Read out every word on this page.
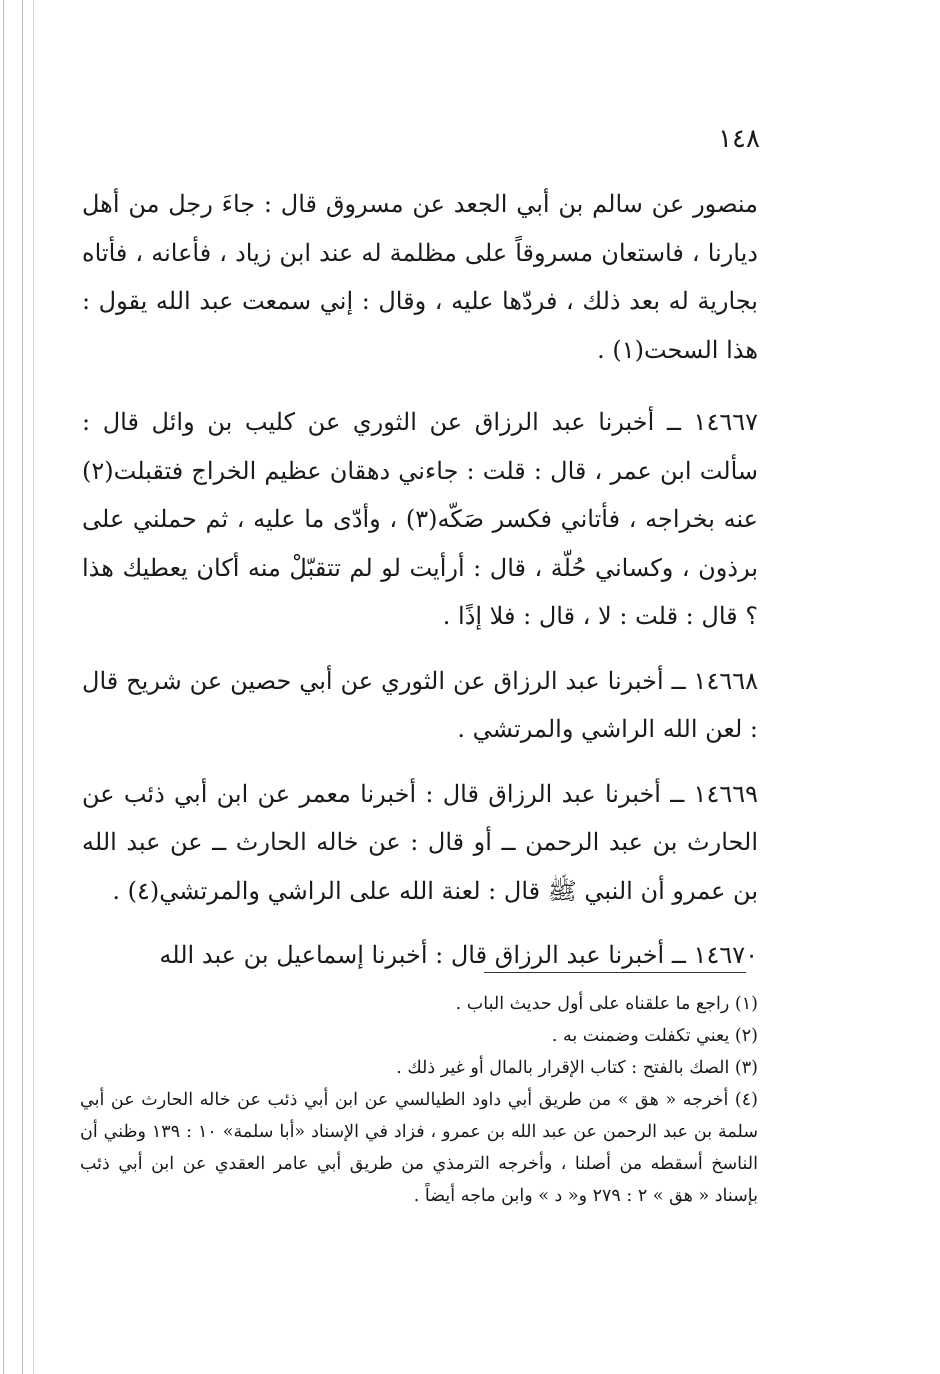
١٤٨

منصور عن سالم بن أبي الجعد عن مسروق قال : جاءَ رجل من أهل ديارنا ، فاستعان مسروقاً على مظلمة له عند ابن زياد ، فأعانه ، فأتاه بجارية له بعد ذلك ، فردّها عليه ، وقال : إني سمعت عبد الله يقول : هذا السحت(١) .

١٤٦٦٧ ــ أخبرنا عبد الرزاق عن الثوري عن كليب بن وائل قال : سألت ابن عمر ، قال : قلت : جاءني دهقان عظيم الخراج فتقبلت(٢) عنه بخراجه ، فأتاني فكسر صَكّه(٣) ، وأدّى ما عليه ، ثم حملني على برذون ، وكساني حُلّة ، قال : أرأيت لو لم تتقبّلْ منه أكان يعطيك هذا ؟ قال : قلت : لا ، قال : فلا إذًا .

١٤٦٦٨ ــ أخبرنا عبد الرزاق عن الثوري عن أبي حصين عن شريح قال : لعن الله الراشي والمرتشي .

١٤٦٦٩ ــ أخبرنا عبد الرزاق قال : أخبرنا معمر عن ابن أبي ذئب عن الحارث بن عبد الرحمن ــ أو قال : عن خاله الحارث ــ عن عبد الله بن عمرو أن النبي ﷺ قال : لعنة الله على الراشي والمرتشي(٤) .

١٤٦٧٠ ــ أخبرنا عبد الرزاق قال : أخبرنا إسماعيل بن عبد الله

(١) راجع ما علقناه على أول حديث الباب .

(٢) يعني تكفلت وضمنت به .

(٣) الصك بالفتح : كتاب الإقرار بالمال أو غير ذلك .

(٤) أخرجه « هق » من طريق أبي داود الطيالسي عن ابن أبي ذئب عن خاله الحارث عن أبي سلمة بن عبد الرحمن عن عبد الله بن عمرو ، فزاد في الإسناد «أبا سلمة» ١٠ : ١٣٩ وظني أن الناسخ أسقطه من أصلنا ، وأخرجه الترمذي من طريق أبي عامر العقدي عن ابن أبي ذئب بإسناد « هق » ٢ : ٢٧٩ و« د » وابن ماجه أيضاً .
